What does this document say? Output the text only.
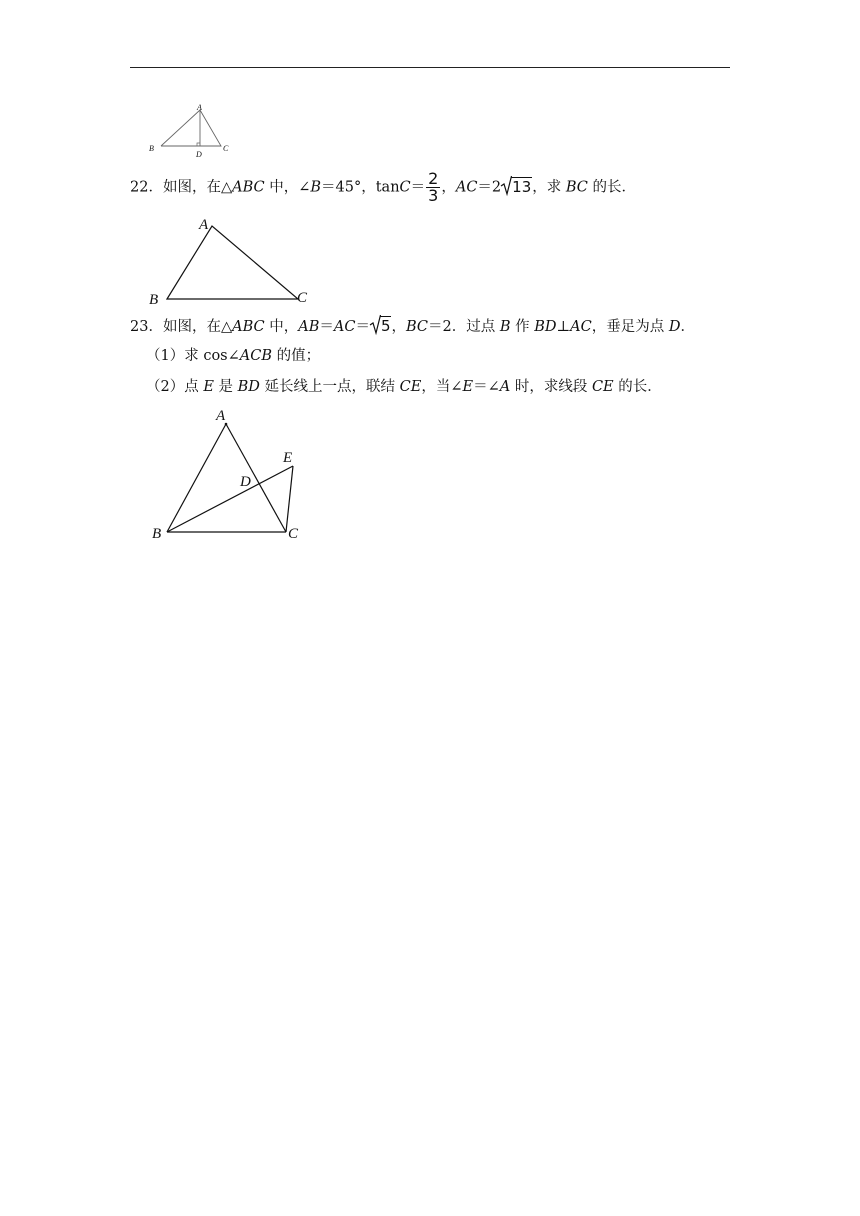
A
B
D
C
22．如图，在△ABC 中，∠B＝45°，$\tan C= \frac{2}{3}$ ，AC＝2 13，求 BC 的长．
A
B	C
23．如图，在△ABC 中，AB＝AC＝ 5，BC＝2．过点 B 作 BD⊥AC，垂足为点 D．
（1）求 cos∠ACB 的值；
（2）点 E 是 BD 延长线上一点，联结 CE，当∠E＝∠A 时，求线段 CE 的长．
A
B	C
D
E
